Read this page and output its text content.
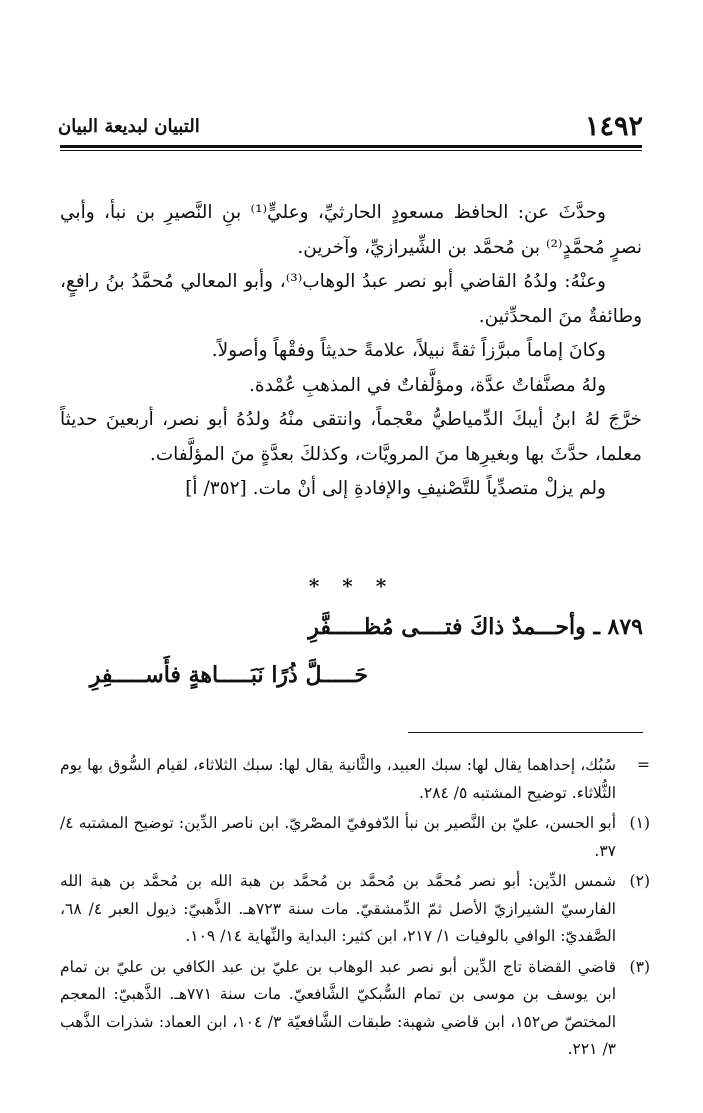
١٤٩٢
التبيان لبديعة البيان

وحدَّثَ عن: الحافظ مسعودٍ الحارثيِّ، وعليٍّ⁽¹⁾ بنِ النَّصيرِ بن نبأ، وأبي نصرٍ مُحمَّدٍ⁽²⁾ بن مُحمَّد بن الشِّيرازيِّ، وآخرين.

وعنْهُ: ولدُهُ القاضي أبو نصر عبدُ الوهاب⁽³⁾، وأبو المعالي مُحمَّدُ بنُ رافعٍ، وطائفةٌ منَ المحدِّثين.

وكانَ إماماً مبرَّزاً ثقةً نبيلاً، علامةً حديثاً وفقْهاً وأصولاً.

ولهُ مصنَّفاتٌ عدَّة، ومؤلَّفاتٌ في المذهبِ عُمْدة.

خرَّجَ لهُ ابنُ أيبكَ الدِّمياطيُّ معْجماً، وانتقى منْهُ ولدُهُ أبو نصر، أربعينَ حديثاً معلما، حدَّثَ بها وبغيرِها منَ المرويَّات، وكذلكَ بعدَّةٍ منَ المؤلَّفات.

ولم يزلْ متصدِّياً للتَّصْنيفِ والإفادةِ إلى أنْ مات. [٣٥٢/ أ]

* * *
٨٧٩ ـ وأحـــمدٌ ذاكَ فتــــى مُظـــــفَّرِ
حَـــــلَّ ذُرًا نَبَـــــاهةٍ فأَســـــفِرِ
=
سُبُك، إحداهما يقال لها: سبك العبيد، والثَّانية يقال لها: سبك الثلاثاء، لقيام السُّوق بها يوم الثُّلاثاء. توضيح المشتبه ٥/ ٢٨٤.
(١)
أبو الحسن، عليّ بن النَّصير بن نبأ الدّفوفيّ المصْريّ. ابن ناصر الدِّين: توضيح المشتبه ٤/ ٣٧.
(٢)
شمس الدِّين: أبو نصر مُحمَّد بن مُحمَّد بن مُحمَّد بن هبة الله بن مُحمَّد بن هبة الله الفارسيّ الشيرازيّ الأصل ثمّ الدِّمشقيّ. مات سنة ٧٢٣هـ. الذَّهبيّ: ذيول العبر ٤/ ٦٨، الصَّفديّ: الوافي بالوفيات ١/ ٢١٧، ابن كثير: البداية والنِّهاية ١٤/ ١٠٩.
(٣)
قاضي القضاة تاج الدِّين أبو نصر عبد الوهاب بن عليّ بن عبد الكافي بن عليّ بن تمام ابن يوسف بن موسى بن تمام السُّبكيّ الشَّافعيّ. مات سنة ٧٧١هـ. الذَّهبيّ: المعجم المختصّ ص١٥٢، ابن قاضي شهبة: طبقات الشَّافعيّة ٣/ ١٠٤، ابن العماد: شذرات الذَّهب ٣/ ٢٢١.
